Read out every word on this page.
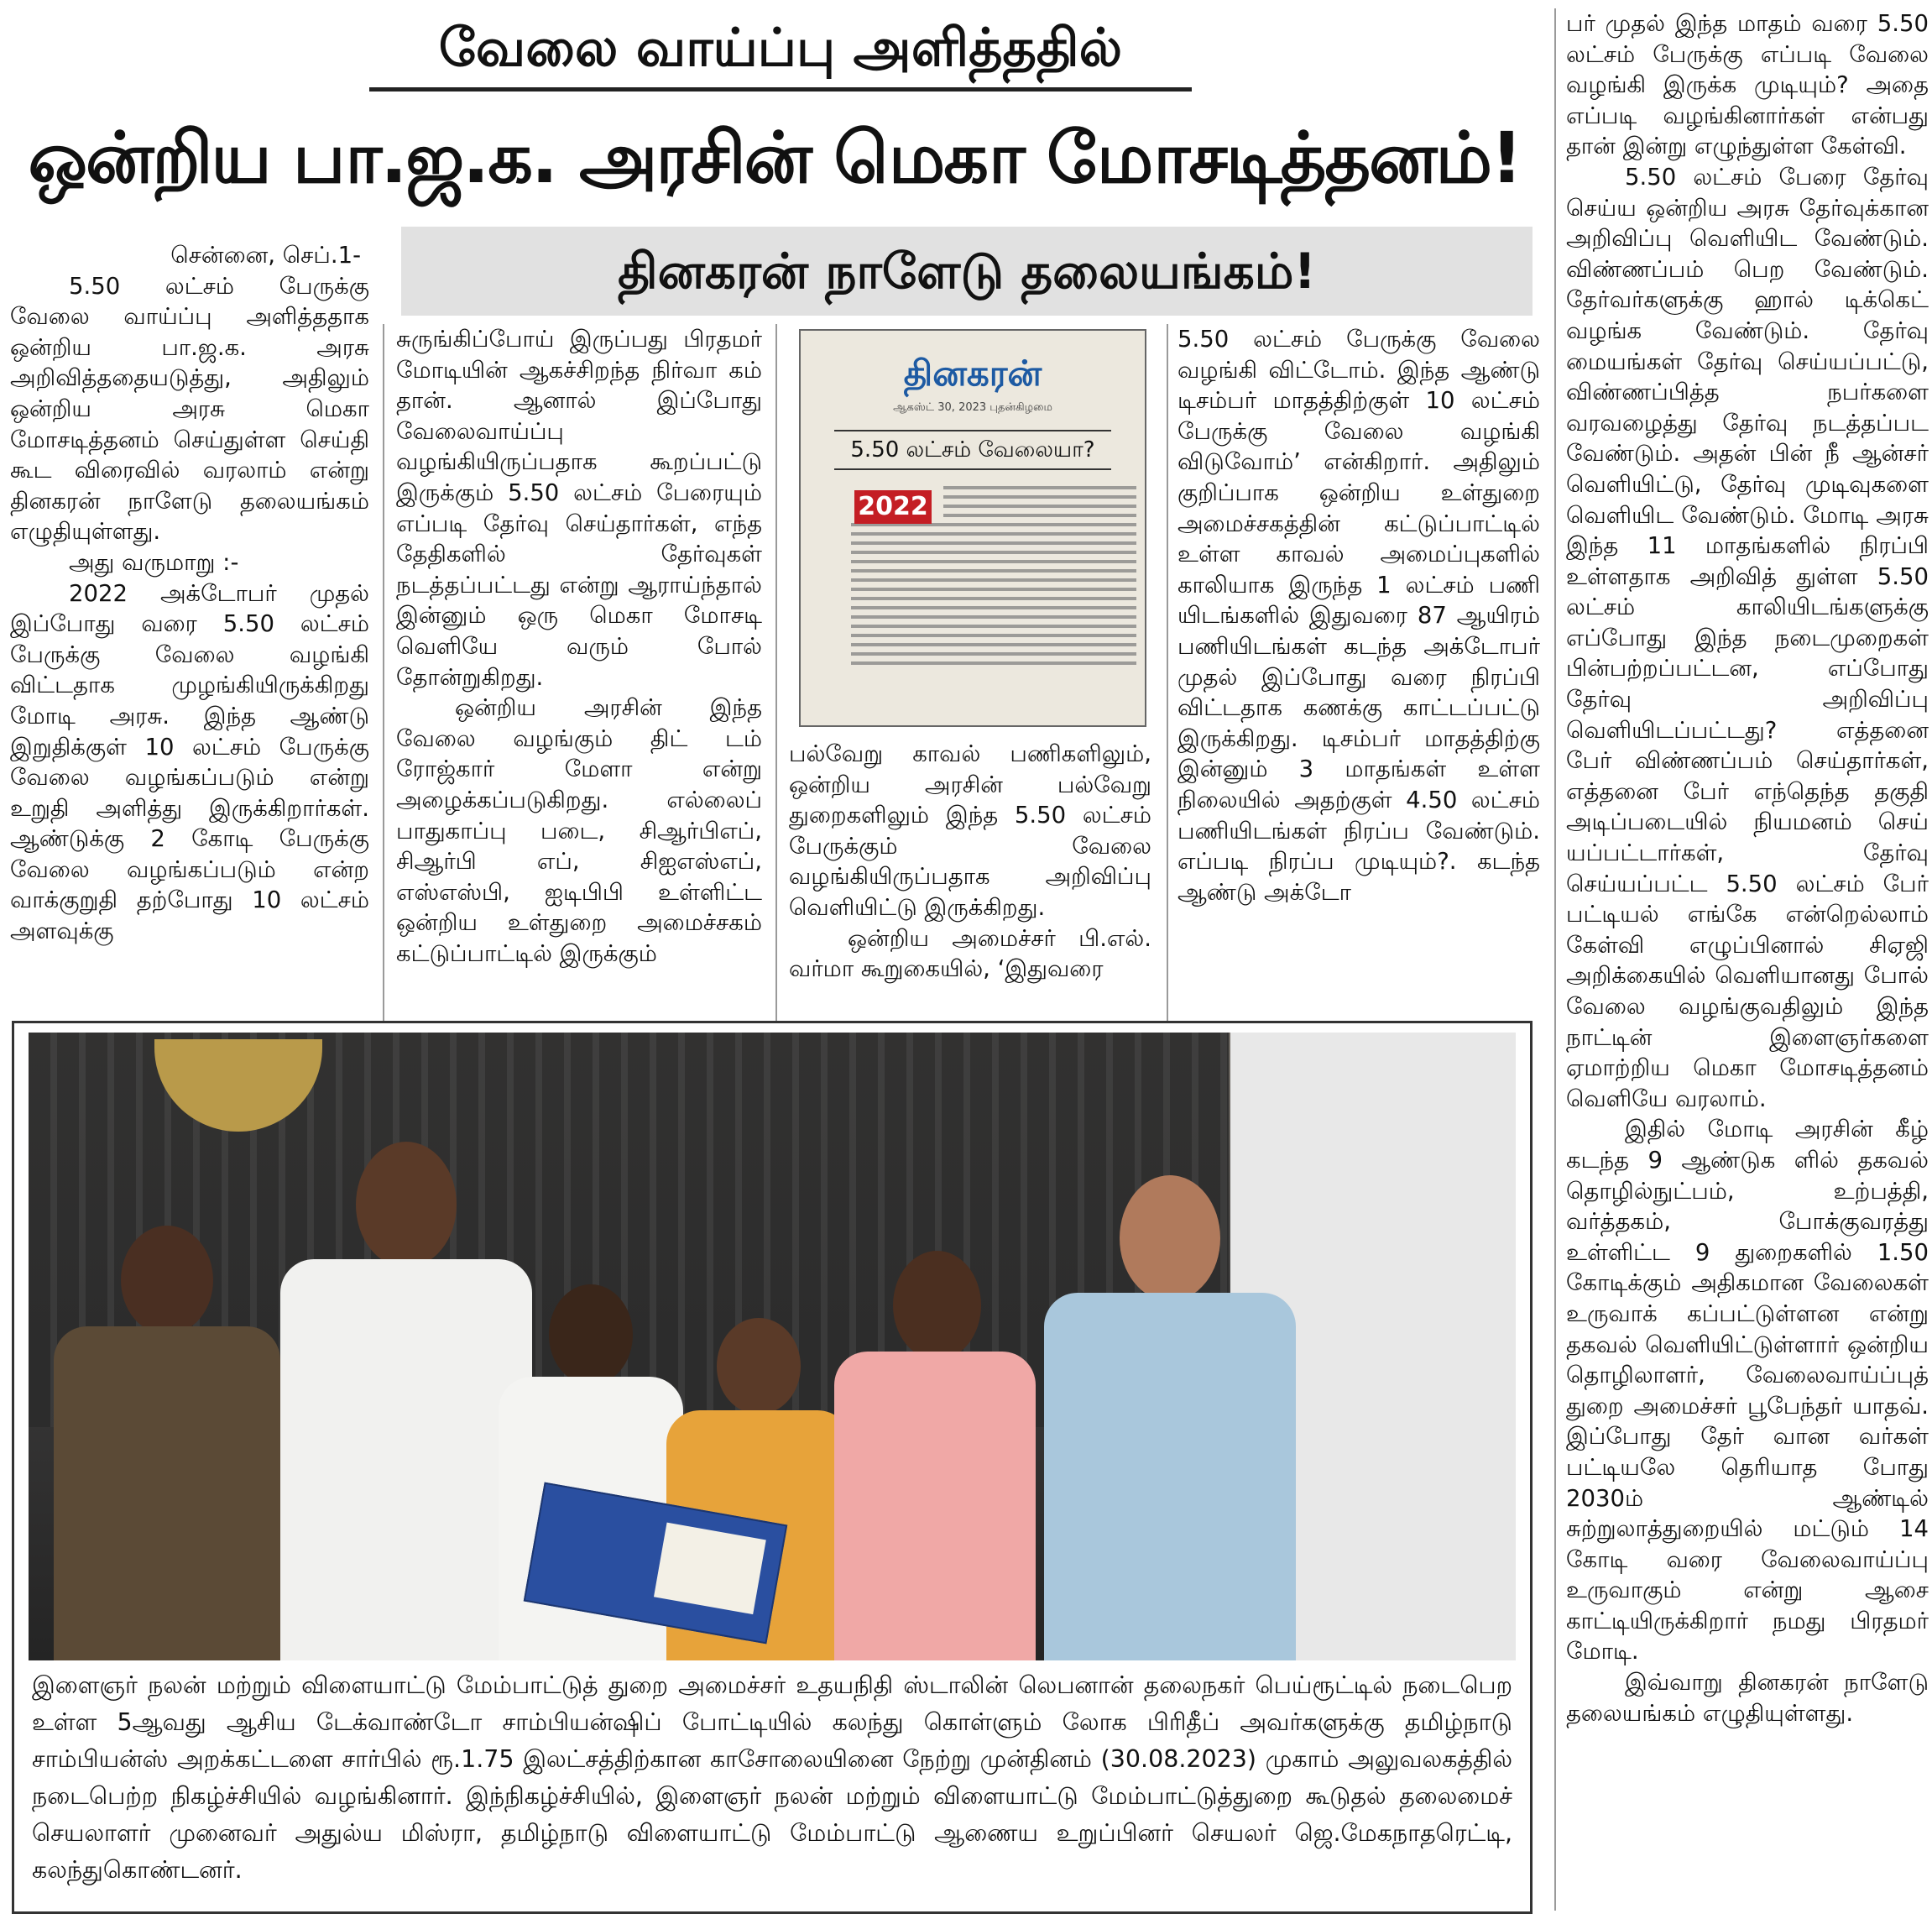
வேலை வாய்ப்பு அளித்ததில்
ஒன்றிய பா.ஜ.க. அரசின் மெகா மோசடித்தனம்!
தினகரன் நாளேடு தலையங்கம்!

சென்னை, செப்.1-

5.50 லட்சம் பேருக்கு வேலை வாய்ப்பு அளித்ததாக ஒன்றிய பா.ஜ.க. அரசு அறிவித்ததையடுத்து, அதிலும் ஒன்றிய அரசு மெகா மோசடித்தனம் செய்துள்ள செய்தி கூட விரைவில் வரலாம் என்று தினகரன் நாளேடு தலையங்கம் எழுதியுள்ளது.

அது வருமாறு :-

2022 அக்டோபர் முதல் இப்போது வரை 5.50 லட்சம் பேருக்கு வேலை வழங்கி விட்டதாக முழங்கியிருக்கிறது மோடி அரசு. இந்த ஆண்டு இறுதிக்குள் 10 லட்சம் பேருக்கு வேலை வழங்கப்படும் என்று உறுதி அளித்து இருக்கிறார்கள். ஆண்டுக்கு 2 கோடி பேருக்கு வேலை வழங்கப்படும் என்ற வாக்குறுதி தற்போது 10 லட்சம் அளவுக்கு

சுருங்கிப்போய் இருப்பது பிரதமர் மோடியின் ஆகச்சிறந்த நிர்வா கம் தான். ஆனால் இப்போது வேலைவாய்ப்பு வழங்கியிருப்பதாக கூறப்பட்டு இருக்கும் 5.50 லட்சம் பேரையும் எப்படி தேர்வு செய்தார்கள், எந்த தேதிகளில் தேர்வுகள் நடத்தப்பட்டது என்று ஆராய்ந்தால் இன்னும் ஒரு மெகா மோசடி வெளியே வரும் போல் தோன்றுகிறது.

ஒன்றிய அரசின் இந்த வேலை வழங்கும் திட் டம் ரோஜ்கார் மேளா என்று அழைக்கப்படுகிறது. எல்லைப் பாதுகாப்பு படை, சிஆர்பிஎப், சிஆர்பி எப், சிஐஎஸ்எப், எஸ்எஸ்பி, ஐடிபிபி உள்ளிட்ட ஒன்றிய உள்துறை அமைச்சகம் கட்டுப்பாட்டில் இருக்கும்

தினகரன்
ஆகஸ்ட் 30, 2023 புதன்கிழமை
5.50 லட்சம் வேலையா?
2022

பல்வேறு காவல் பணிகளிலும், ஒன்றிய அரசின் பல்வேறு துறைகளிலும் இந்த 5.50 லட்சம் பேருக்கும் வேலை வழங்கியிருப்பதாக அறிவிப்பு வெளியிட்டு இருக்கிறது.

ஒன்றிய அமைச்சர் பி.எல். வர்மா கூறுகையில், ‘இதுவரை

5.50 லட்சம் பேருக்கு வேலை வழங்கி விட்டோம். இந்த ஆண்டு டிசம்பர் மாதத்திற்குள் 10 லட்சம் பேருக்கு வேலை வழங்கி விடுவோம்’ என்கிறார். அதிலும் குறிப்பாக ஒன்றிய உள்துறை அமைச்சகத்தின் கட்டுப்பாட்டில் உள்ள காவல் அமைப்புகளில் காலியாக இருந்த 1 லட்சம் பணி யிடங்களில் இதுவரை 87 ஆயிரம் பணியிடங்கள் கடந்த அக்டோபர் முதல் இப்போது வரை நிரப்பி விட்டதாக கணக்கு காட்டப்பட்டு இருக்கிறது. டிசம்பர் மாதத்திற்கு இன்னும் 3 மாதங்கள் உள்ள நிலையில் அதற்குள் 4.50 லட்சம் பணியிடங்கள் நிரப்ப வேண்டும். எப்படி நிரப்ப முடியும்?. கடந்த ஆண்டு அக்டோ

பர் முதல் இந்த மாதம் வரை 5.50 லட்சம் பேருக்கு எப்படி வேலை வழங்கி இருக்க முடியும்? அதை எப்படி வழங்கினார்கள் என்பது தான் இன்று எழுந்துள்ள கேள்வி.

5.50 லட்சம் பேரை தேர்வு செய்ய ஒன்றிய அரசு தேர்வுக்கான அறிவிப்பு வெளியிட வேண்டும். விண்ணப்பம் பெற வேண்டும். தேர்வர்களுக்கு ஹால் டிக்கெட் வழங்க வேண்டும். தேர்வு மையங்கள் தேர்வு செய்யப்பட்டு, விண்ணப்பித்த நபர்களை வரவழைத்து தேர்வு நடத்தப்பட வேண்டும். அதன் பின் நீ ஆன்சர் வெளியிட்டு, தேர்வு முடிவுகளை வெளியிட வேண்டும். மோடி அரசு இந்த 11 மாதங்களில் நிரப்பி உள்ளதாக அறிவித் துள்ள 5.50 லட்சம் காலியிடங்களுக்கு எப்போது இந்த நடைமுறைகள் பின்பற்றப்பட்டன, எப்போது தேர்வு அறிவிப்பு வெளியிடப்பட்டது? எத்தனை பேர் விண்ணப்பம் செய்தார்கள், எத்தனை பேர் எந்தெந்த தகுதி அடிப்படையில் நியமனம் செய் யப்பட்டார்கள், தேர்வு செய்யப்பட்ட 5.50 லட்சம் பேர் பட்டியல் எங்கே என்றெல்லாம் கேள்வி எழுப்பினால் சிஏஜி அறிக்கையில் வெளியானது போல் வேலை வழங்குவதிலும் இந்த நாட்டின் இளைஞர்களை ஏமாற்றிய மெகா மோசடித்தனம் வெளியே வரலாம்.

இதில் மோடி அரசின் கீழ் கடந்த 9 ஆண்டுக ளில் தகவல் தொழில்நுட்பம், உற்பத்தி, வர்த்தகம், போக்குவரத்து உள்ளிட்ட 9 துறைகளில் 1.50 கோடிக்கும் அதிகமான வேலைகள் உருவாக் கப்பட்டுள்ளன என்று தகவல் வெளியிட்டுள்ளார் ஒன்றிய தொழிலாளர், வேலைவாய்ப்புத் துறை அமைச்சர் பூபேந்தர் யாதவ். இப்போது தேர் வான வர்கள் பட்டியலே தெரியாத போது 2030ம் ஆண்டில் சுற்றுலாத்துறையில் மட்டும் 14 கோடி வரை வேலைவாய்ப்பு உருவாகும் என்று ஆசை காட்டியிருக்கிறார் நமது பிரதமர் மோடி.

இவ்வாறு தினகரன் நாளேடு தலையங்கம் எழுதியுள்ளது.

இளைஞர் நலன் மற்றும் விளையாட்டு மேம்பாட்டுத் துறை அமைச்சர் உதயநிதி ஸ்டாலின் லெபனான் தலைநகர் பெய்ரூட்டில் நடைபெற உள்ள 5ஆவது ஆசிய டேக்வாண்டோ சாம்பியன்ஷிப் போட்டியில் கலந்து கொள்ளும் லோக பிரிதீப் அவர்களுக்கு தமிழ்நாடு சாம்பியன்ஸ் அறக்கட்டளை சார்பில் ரூ.1.75 இலட்சத்திற்கான காசோலையினை நேற்று முன்தினம் (30.08.2023) முகாம் அலுவலகத்தில் நடைபெற்ற நிகழ்ச்சியில் வழங்கினார். இந்நிகழ்ச்சியில், இளைஞர் நலன் மற்றும் விளையாட்டு மேம்பாட்டுத்துறை கூடுதல் தலைமைச் செயலாளர் முனைவர் அதுல்ய மிஸ்ரா, தமிழ்நாடு விளையாட்டு மேம்பாட்டு ஆணைய உறுப்பினர் செயலர் ஜெ.மேகநாதரெட்டி, கலந்துகொண்டனர்.
